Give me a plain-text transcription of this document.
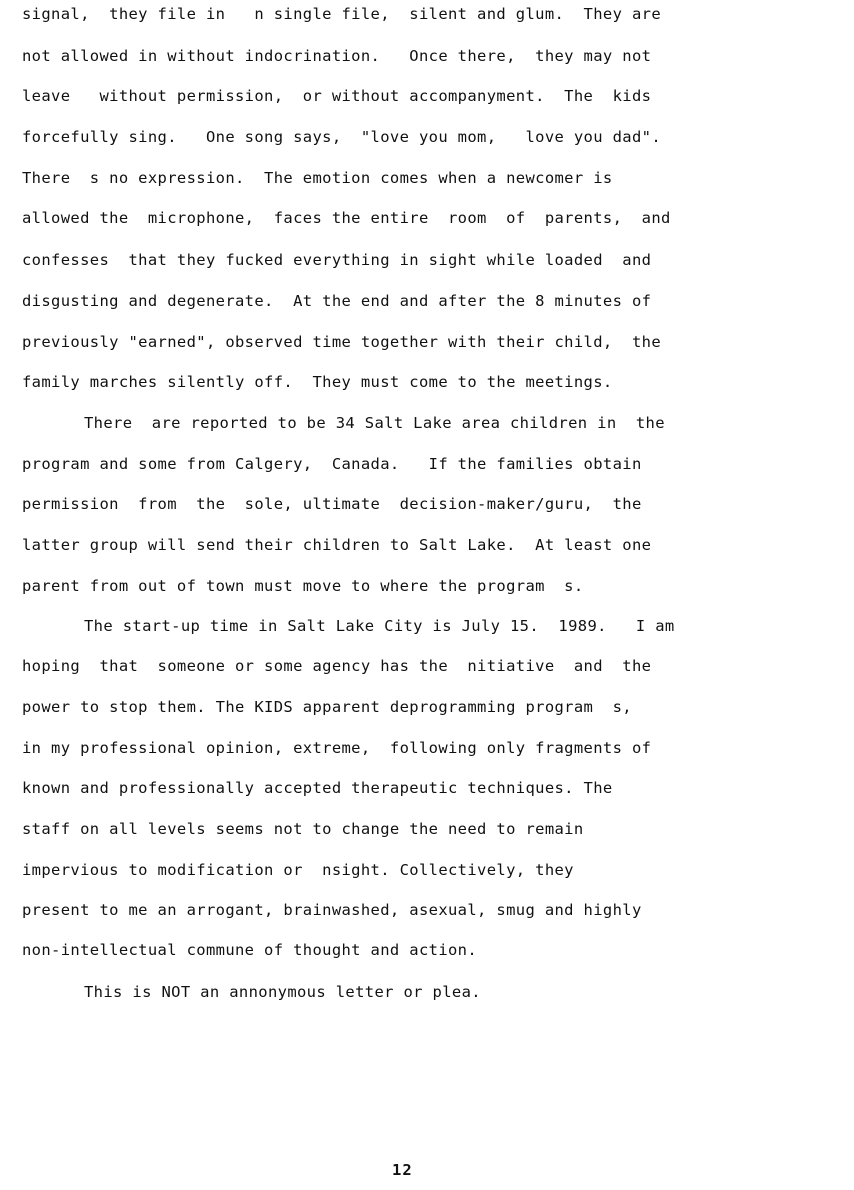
signal,  they file in   n single file,  silent and glum.  They are
not allowed in without indocrination.   Once there,  they may not
leave   without permission,  or without accompanyment.  The  kids
forcefully sing.   One song says,  "love you mom,   love you dad".
There  s no expression.  The emotion comes when a newcomer is
allowed the  microphone,  faces the entire  room  of  parents,  and
confesses  that they fucked everything in sight while loaded  and
disgusting and degenerate.  At the end and after the 8 minutes of
previously "earned", observed time together with their child,  the
family marches silently off.  They must come to the meetings.
There  are reported to be 34 Salt Lake area children in  the
program and some from Calgery,  Canada.   If the families obtain
permission  from  the  sole, ultimate  decision-maker/guru,  the
latter group will send their children to Salt Lake.  At least one
parent from out of town must move to where the program  s.
The start-up time in Salt Lake City is July 15.  1989.   I am
hoping  that  someone or some agency has the  nitiative  and  the
power to stop them. The KIDS apparent deprogramming program  s,
in my professional opinion, extreme,  following only fragments of
known and professionally accepted therapeutic techniques. The
staff on all levels seems not to change the need to remain
impervious to modification or  nsight. Collectively, they
present to me an arrogant, brainwashed, asexual, smug and highly
non-intellectual commune of thought and action.
This is NOT an annonymous letter or plea.
12
